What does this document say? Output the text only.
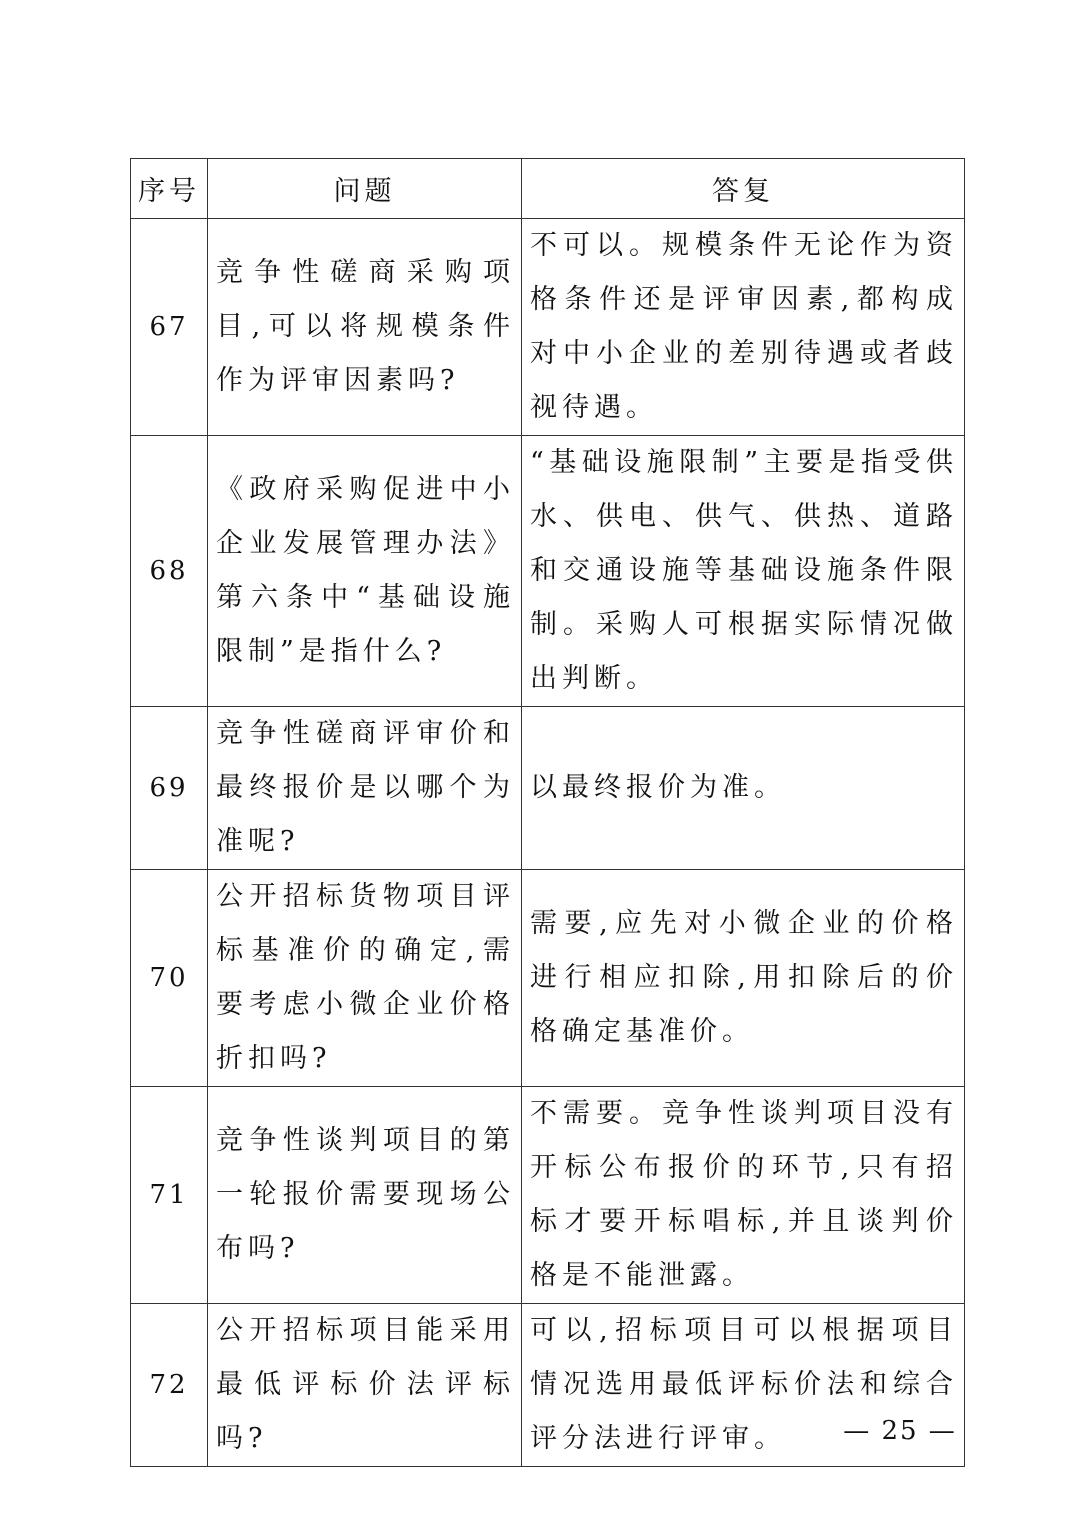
序号	问题	答复
67	竞争性磋商采购项目,可以将规模条件作为评审因素吗?	不可以。规模条件无论作为资格条件还是评审因素,都构成对中小企业的差别待遇或者歧视待遇。
68	《政府采购促进中小企业发展管理办法》第六条中“基础设施限制”是指什么?	“基础设施限制”主要是指受供水、供电、供气、供热、道路和交通设施等基础设施条件限制。采购人可根据实际情况做出判断。
69	竞争性磋商评审价和最终报价是以哪个为准呢?	以最终报价为准。
70	公开招标货物项目评标基准价的确定,需要考虑小微企业价格折扣吗?	需要,应先对小微企业的价格进行相应扣除,用扣除后的价格确定基准价。
71	竞争性谈判项目的第一轮报价需要现场公布吗?	不需要。竞争性谈判项目没有开标公布报价的环节,只有招标才要开标唱标,并且谈判价格是不能泄露。
72	公开招标项目能采用最低评标价法评标吗?	可以,招标项目可以根据项目情况选用最低评标价法和综合评分法进行评审。 — 25 —
